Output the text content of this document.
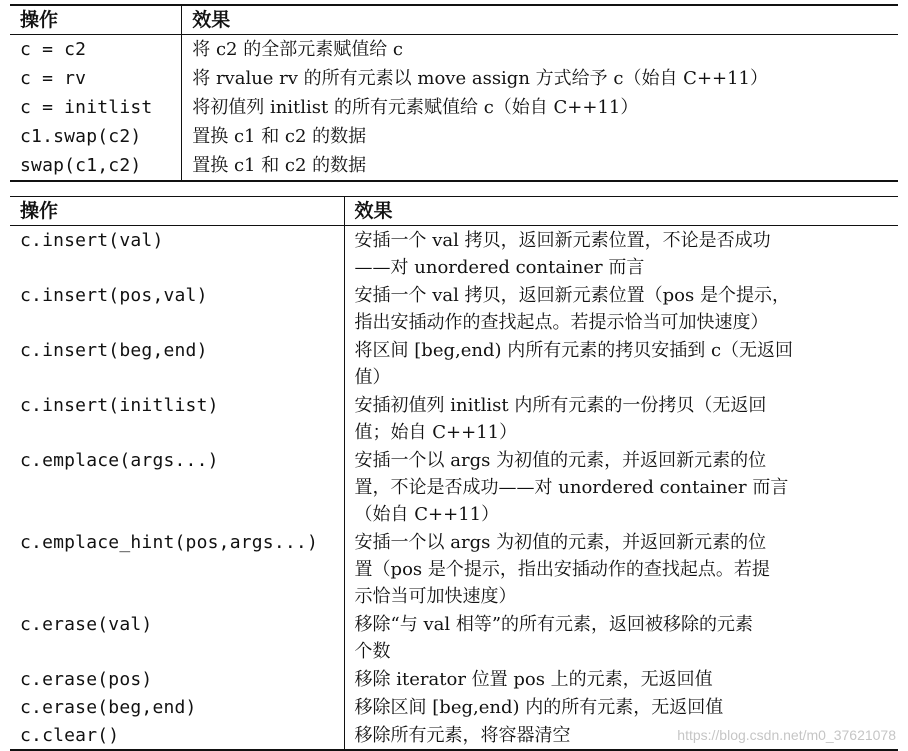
操作	效果
c = c2	将 c2 的全部元素赋值给 c
c = rv	将 rvalue rv 的所有元素以 move assign 方式给予 c（始自 C++11）
c = initlist	将初值列 initlist 的所有元素赋值给 c（始自 C++11）
c1.swap(c2)	置换 c1 和 c2 的数据
swap(c1,c2)	置换 c1 和 c2 的数据
操作	效果
c.insert(val)	安插一个 val 拷贝，返回新元素位置，不论是否成功
——对 unordered container 而言

c.insert(pos,val)	安插一个 val 拷贝，返回新元素位置（pos 是个提示，
指出安插动作的查找起点。若提示恰当可加快速度）

c.insert(beg,end)	将区间 [beg,end) 内所有元素的拷贝安插到 c（无返回
值）

c.insert(initlist)	安插初值列 initlist 内所有元素的一份拷贝（无返回
值；始自 C++11）

c.emplace(args...)	安插一个以 args 为初值的元素，并返回新元素的位
置，不论是否成功——对 unordered container 而言
（始自 C++11）

c.emplace_hint(pos,args...)	安插一个以 args 为初值的元素，并返回新元素的位
置（pos 是个提示，指出安插动作的查找起点。若提
示恰当可加快速度）

c.erase(val)	移除“与 val 相等”的所有元素，返回被移除的元素
个数

c.erase(pos)	移除 iterator 位置 pos 上的元素，无返回值

c.erase(beg,end)	移除区间 [beg,end) 内的所有元素，无返回值

c.clear()	移除所有元素，将容器清空	https://blog.csdn.net/m0_37621078
